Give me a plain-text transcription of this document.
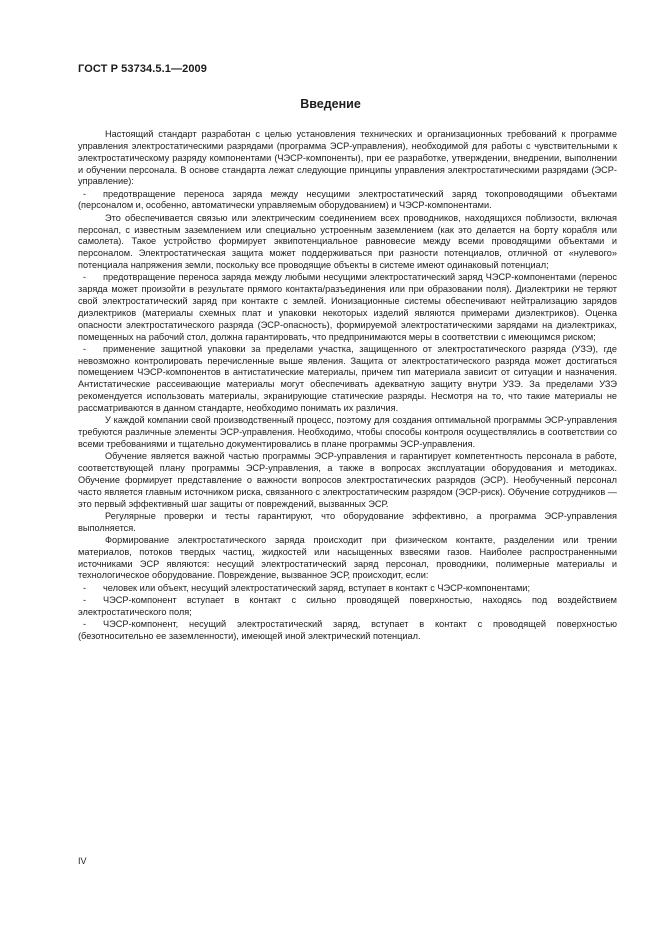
ГОСТ Р 53734.5.1—2009
Введение

Настоящий стандарт разработан с целью установления технических и организационных требований к программе управления электростатическими разрядами (программа ЭСР-управления), необходимой для работы с чувствительными к электростатическому разряду компонентами (ЧЭСР-компоненты), при ее разработке, утверждении, внедрении, выполнении и обучении персонала. В основе стандарта лежат следующие принципы управления электростатическими разрядами (ЭСР-управление):

- предотвращение переноса заряда между несущими электростатический заряд токопроводящими объектами (персоналом и, особенно, автоматически управляемым оборудованием) и ЧЭСР-компонентами.

Это обеспечивается связью или электрическим соединением всех проводников, находящихся поблизости, включая персонал, с известным заземлением или специально устроенным заземлением (как это делается на борту корабля или самолета). Такое устройство формирует эквипотенциальное равновесие между всеми проводящими объектами и персоналом. Электростатическая защита может поддерживаться при разности потенциалов, отличной от «нулевого» потенциала напряжения земли, поскольку все проводящие объекты в системе имеют одинаковый потенциал;

- предотвращение переноса заряда между любыми несущими электростатический заряд ЧЭСР-компонентами (перенос заряда может произойти в результате прямого контакта/разъединения или при образовании поля). Диэлектрики не теряют свой электростатический заряд при контакте с землей. Ионизационные системы обеспечивают нейтрализацию зарядов диэлектриков (материалы схемных плат и упаковки некоторых изделий являются примерами диэлектриков). Оценка опасности электростатического разряда (ЭСР-опасность), формируемой электростатическими зарядами на диэлектриках, помещенных на рабочий стол, должна гарантировать, что предпринимаются меры в соответствии с имеющимся риском;

- применение защитной упаковки за пределами участка, защищенного от электростатического разряда (УЗЭ), где невозможно контролировать перечисленные выше явления. Защита от электростатического разряда может достигаться помещением ЧЭСР-компонентов в антистатические материалы, причем тип материала зависит от ситуации и назначения. Антистатические рассеивающие материалы могут обеспечивать адекватную защиту внутри УЗЭ. За пределами УЗЭ рекомендуется использовать материалы, экранирующие статические разряды. Несмотря на то, что такие материалы не рассматриваются в данном стандарте, необходимо понимать их различия.

У каждой компании свой производственный процесс, поэтому для создания оптимальной программы ЭСР-управления требуются различные элементы ЭСР-управления. Необходимо, чтобы способы контроля осуществлялись в соответствии со всеми требованиями и тщательно документировались в плане программы ЭСР-управления.

Обучение является важной частью программы ЭСР-управления и гарантирует компетентность персонала в работе, соответствующей плану программы ЭСР-управления, а также в вопросах эксплуатации оборудования и методиках. Обучение формирует представление о важности вопросов электростатических разрядов (ЭСР). Необученный персонал часто является главным источником риска, связанного с электростатическим разрядом (ЭСР-риск). Обучение сотрудников — это первый эффективный шаг защиты от повреждений, вызванных ЭСР.

Регулярные проверки и тесты гарантируют, что оборудование эффективно, а программа ЭСР-управления выполняется.

Формирование электростатического заряда происходит при физическом контакте, разделении или трении материалов, потоков твердых частиц, жидкостей или насыщенных взвесями газов. Наиболее распространенными источниками ЭСР являются: несущий электростатический заряд персонал, проводники, полимерные материалы и технологическое оборудование. Повреждение, вызванное ЭСР, происходит, если:

- человек или объект, несущий электростатический заряд, вступает в контакт с ЧЭСР-компонентами;

- ЧЭСР-компонент вступает в контакт с сильно проводящей поверхностью, находясь под воздействием электростатического поля;

- ЧЭСР-компонент, несущий электростатический заряд, вступает в контакт с проводящей поверхностью (безотносительно ее заземленности), имеющей иной электрический потенциал.

IV
